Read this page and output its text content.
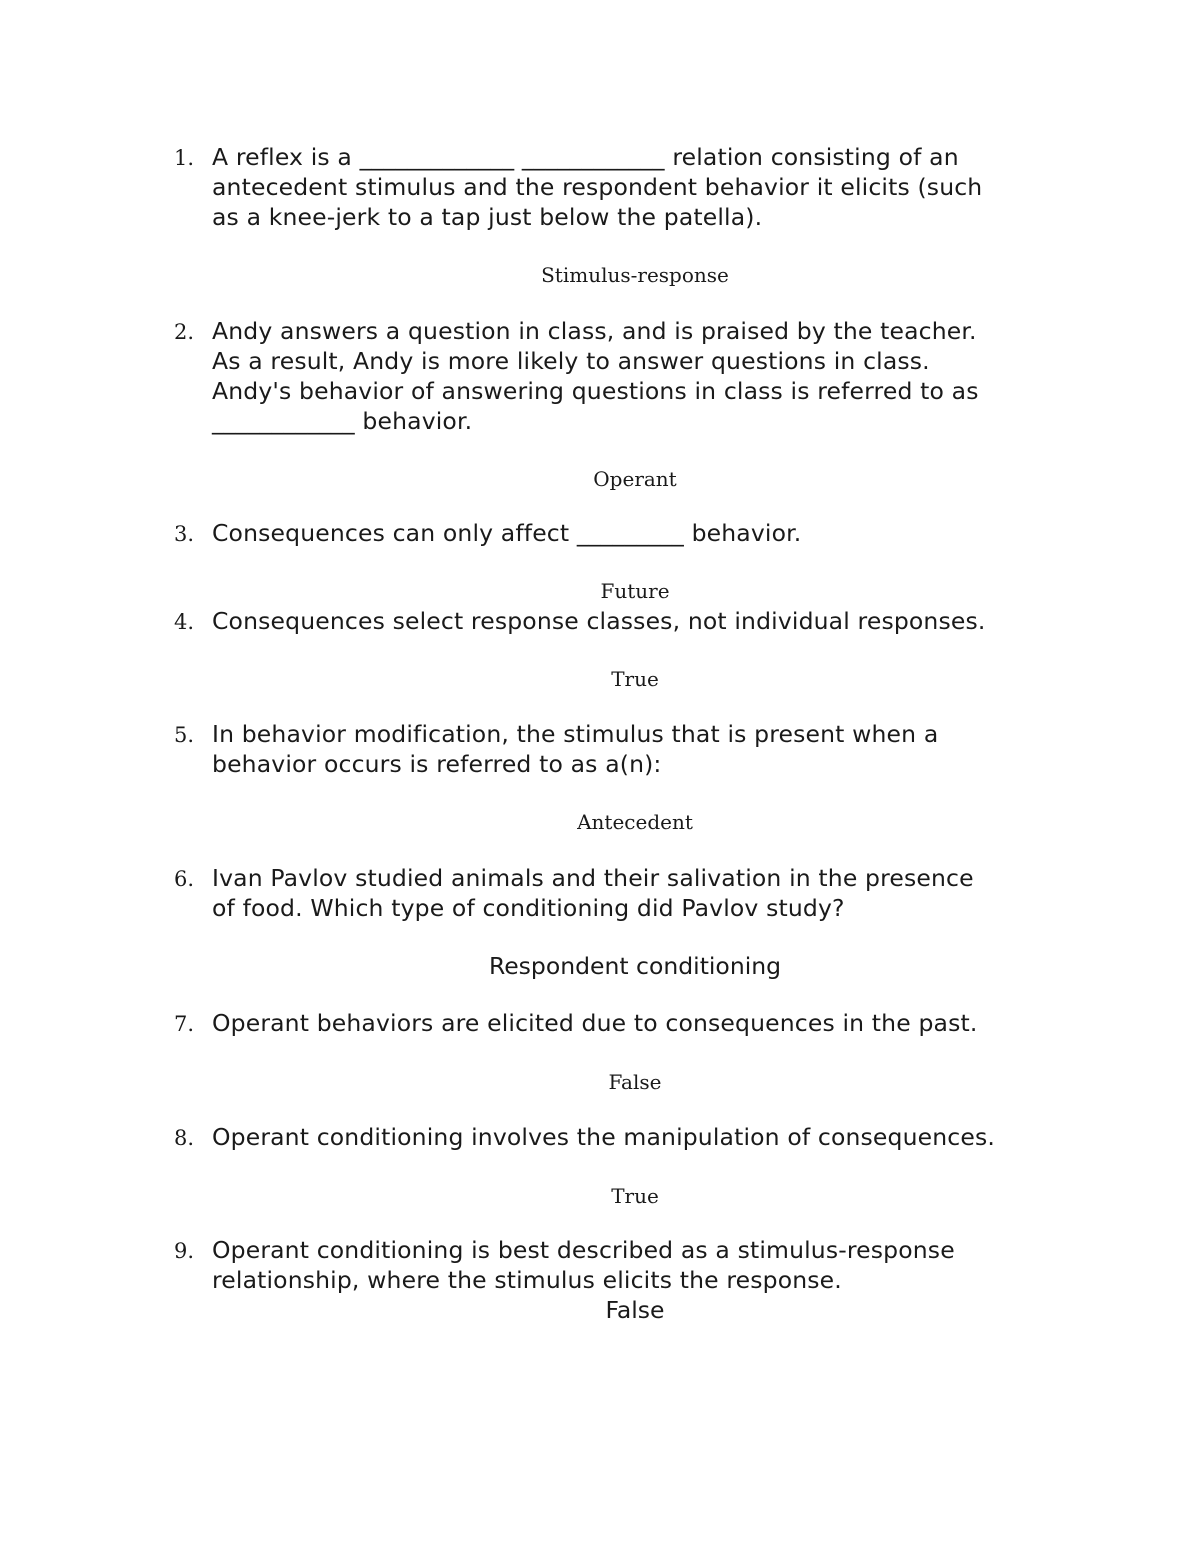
1. A reflex is a _____________ ____________ relation consisting of an
antecedent stimulus and the respondent behavior it elicits (such
as a knee-jerk to a tap just below the patella).
Stimulus-response
2. Andy answers a question in class, and is praised by the teacher.
As a result, Andy is more likely to answer questions in class.
Andy's behavior of answering questions in class is referred to as
____________ behavior.
Operant
3. Consequences can only affect _________ behavior.
Future
4. Consequences select response classes, not individual responses.
True
5. In behavior modification, the stimulus that is present when a
behavior occurs is referred to as a(n):
Antecedent
6. Ivan Pavlov studied animals and their salivation in the presence
of food. Which type of conditioning did Pavlov study?
Respondent conditioning
7. Operant behaviors are elicited due to consequences in the past.
False
8. Operant conditioning involves the manipulation of consequences.
True
9. Operant conditioning is best described as a stimulus-response
relationship, where the stimulus elicits the response.
False
